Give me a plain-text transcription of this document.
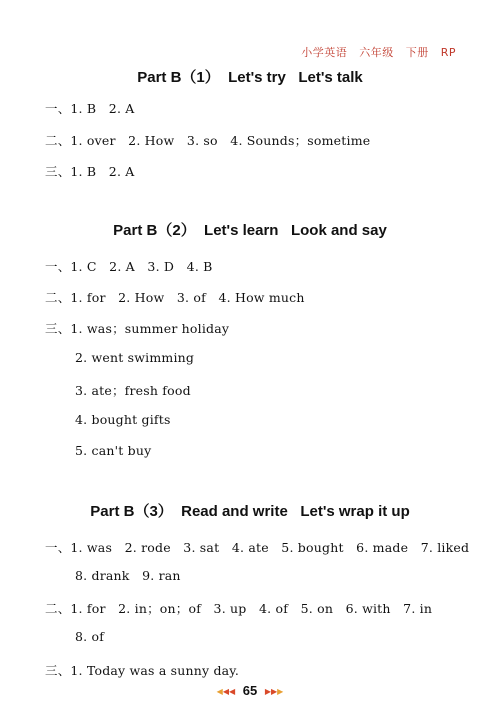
小学英语 六年级 下册 RP
Part B（1）  Let's try   Let's talk
一、1. B   2. A
二、1. over   2. How   3. so   4. Sounds；sometime
三、1. B   2. A
Part B（2）  Let's learn   Look and say
一、1. C   2. A   3. D   4. B
二、1. for   2. How   3. of   4. How much
三、1. was；summer holiday
2. went swimming
3. ate；fresh food
4. bought gifts
5. can't buy
Part B（3）  Read and write   Let's wrap it up
一、1. was   2. rode   3. sat   4. ate   5. bought   6. made   7. liked
8. drank   9. ran
二、1. for   2. in；on；of   3. up   4. of   5. on   6. with   7. in
8. of
三、1. Today was a sunny day.
◀◀◀ 65 ▶▶▶
